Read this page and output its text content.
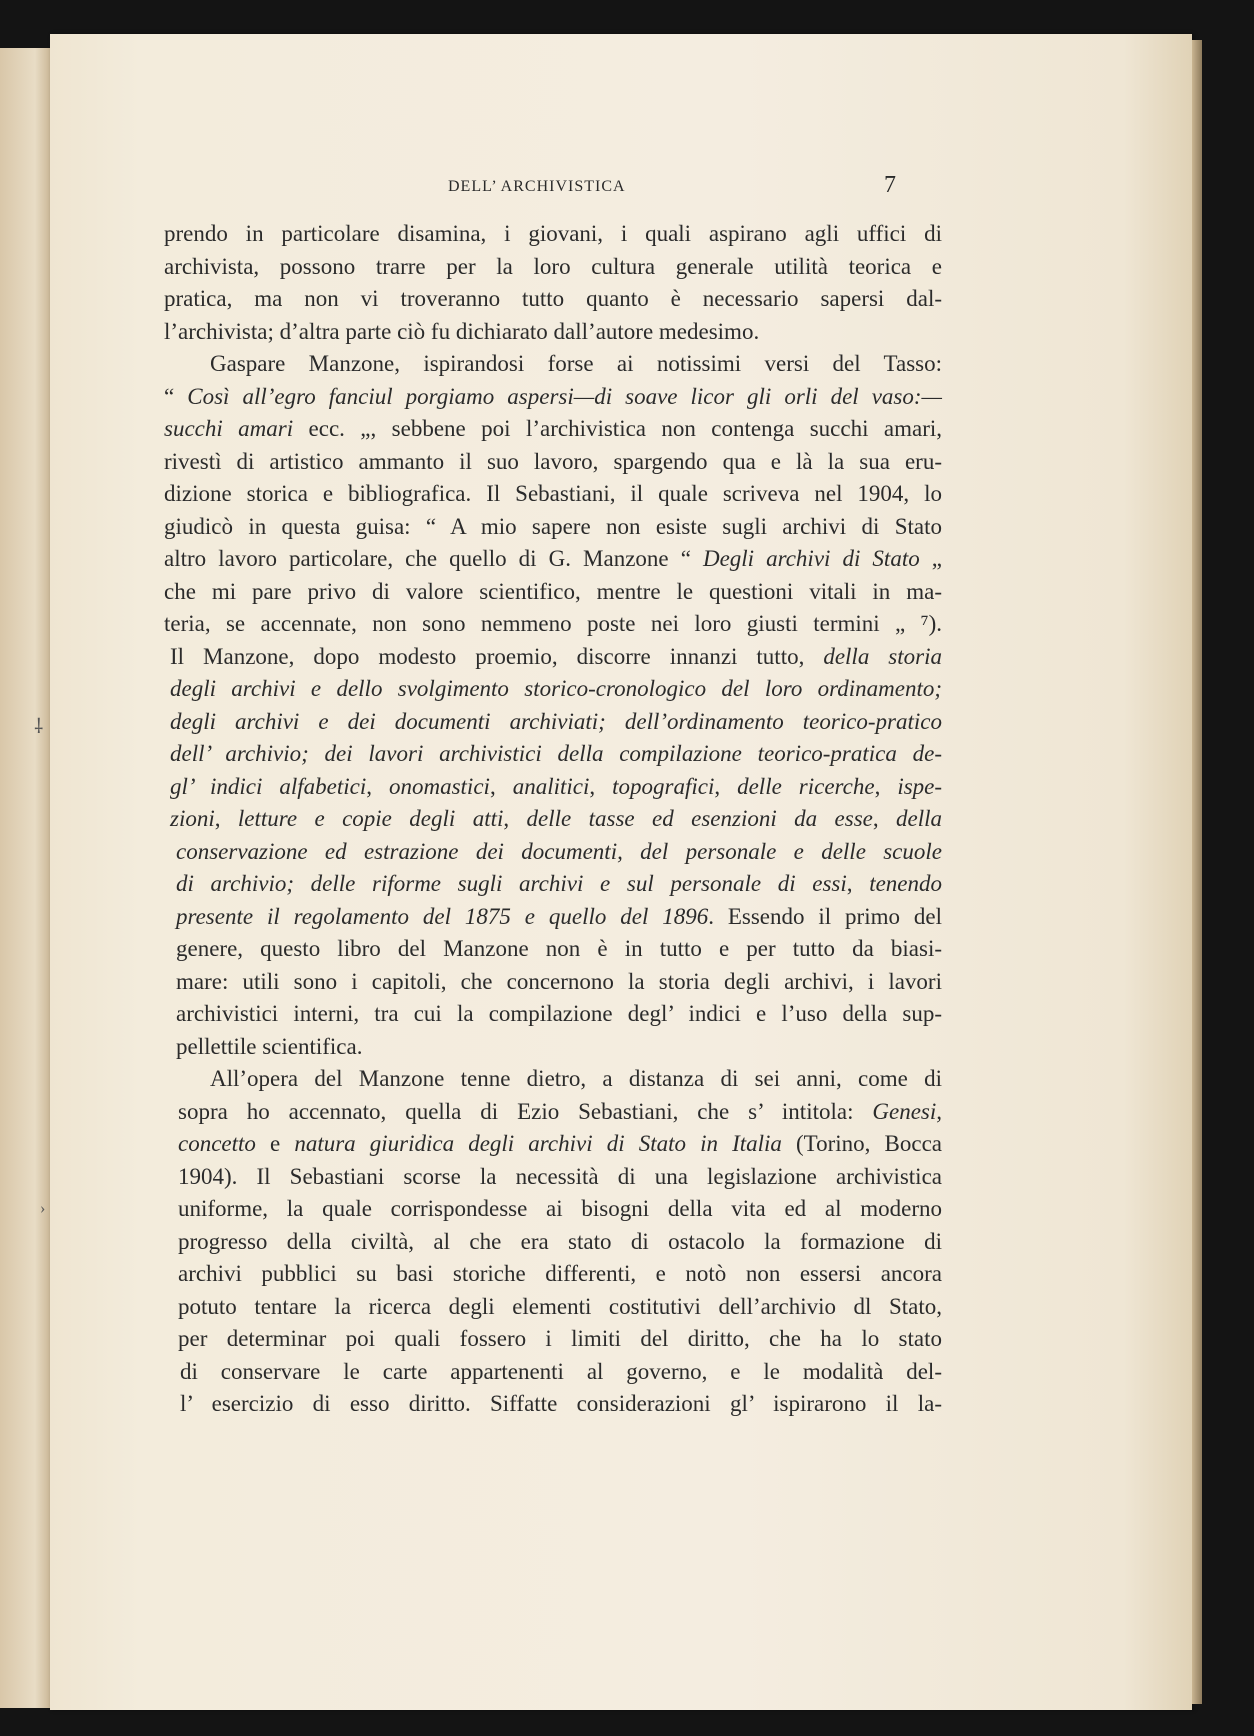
DELL’ ARCHIVISTICA	7
prendo in particolare disamina, i giovani, i quali aspirano agli uffici di
archivista, possono trarre per la loro cultura generale utilità teorica e
pratica, ma non vi troveranno tutto quanto è necessario sapersi dal-
l’archivista; d’altra parte ciò fu dichiarato dall’autore medesimo.
Gaspare Manzone, ispirandosi forse ai notissimi versi del Tasso:
“ Così all’egro fanciul porgiamo aspersi—di soave licor gli orli del vaso:—
succhi amari ecc. „, sebbene poi l’archivistica non contenga succhi amari,
rivestì di artistico ammanto il suo lavoro, spargendo qua e là la sua eru-
dizione storica e bibliografica. Il Sebastiani, il quale scriveva nel 1904, lo
giudicò in questa guisa: “ A mio sapere non esiste sugli archivi di Stato
altro lavoro particolare, che quello di G. Manzone “ Degli archivi di Stato „
che mi pare privo di valore scientifico, mentre le questioni vitali in ma-
teria, se accennate, non sono nemmeno poste nei loro giusti termini „ ⁷).
Il Manzone, dopo modesto proemio, discorre innanzi tutto, della storia
degli archivi e dello svolgimento storico-cronologico del loro ordinamento;
degli archivi e dei documenti archiviati; dell’ordinamento teorico-pratico
dell’ archivio; dei lavori archivistici della compilazione teorico-pratica de-
gl’ indici alfabetici, onomastici, analitici, topografici, delle ricerche, ispe-
zioni, letture e copie degli atti, delle tasse ed esenzioni da esse, della
conservazione ed estrazione dei documenti, del personale e delle scuole
di archivio; delle riforme sugli archivi e sul personale di essi, tenendo
presente il regolamento del 1875 e quello del 1896. Essendo il primo del
genere, questo libro del Manzone non è in tutto e per tutto da biasi-
mare: utili sono i capitoli, che concernono la storia degli archivi, i lavori
archivistici interni, tra cui la compilazione degl’ indici e l’uso della sup-
pellettile scientifica.
All’opera del Manzone tenne dietro, a distanza di sei anni, come di
sopra ho accennato, quella di Ezio Sebastiani, che s’ intitola: Genesi,
concetto e natura giuridica degli archivi di Stato in Italia (Torino, Bocca
1904). Il Sebastiani scorse la necessità di una legislazione archivistica
uniforme, la quale corrispondesse ai bisogni della vita ed al moderno
progresso della civiltà, al che era stato di ostacolo la formazione di
archivi pubblici su basi storiche differenti, e notò non essersi ancora
potuto tentare la ricerca degli elementi costitutivi dell’archivio dl Stato,
per determinar poi quali fossero i limiti del diritto, che ha lo stato
di conservare le carte appartenenti al governo, e le modalità del-
l’ esercizio di esso diritto. Siffatte considerazioni gl’ ispirarono il la-
⸸
›
